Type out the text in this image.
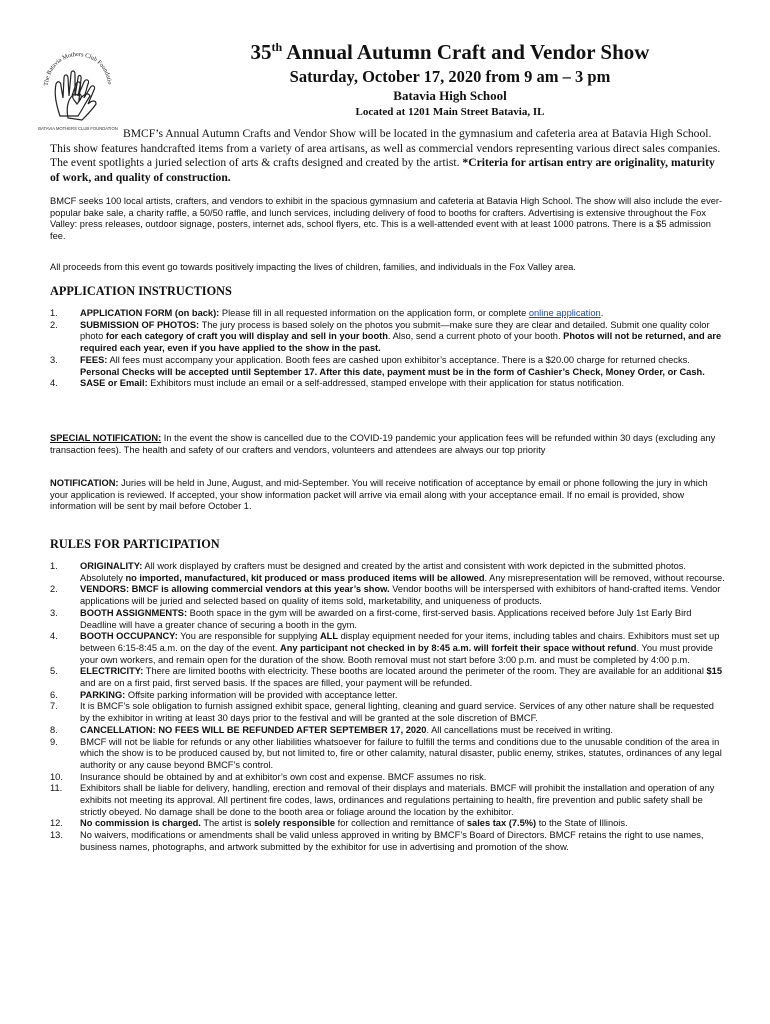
The Batavia Mothers Club Foundatio
BATAVIA MOTHERS CLUB FOUNDATION
35th Annual Autumn Craft and Vendor Show
Saturday, October 17, 2020 from 9 am – 3 pm
Batavia High School
Located at 1201 Main Street Batavia, IL
BMCF’s Annual Autumn Crafts and Vendor Show will be located in the gymnasium and cafeteria area at Batavia High School. This show features handcrafted items from a variety of area artisans, as well as commercial vendors representing various direct sales companies. The event spotlights a juried selection of arts & crafts designed and created by the artist. *Criteria for artisan entry are originality, maturity of work, and quality of construction.
BMCF seeks 100 local artists, crafters, and vendors to exhibit in the spacious gymnasium and cafeteria at Batavia High School. The show will also include the ever-popular bake sale, a charity raffle, a 50/50 raffle, and lunch services, including delivery of food to booths for crafters. Advertising is extensive throughout the Fox Valley: press releases, outdoor signage, posters, internet ads, school flyers, etc. This is a well-attended event with at least 1000 patrons. There is a $5 admission fee.
All proceeds from this event go towards positively impacting the lives of children, families, and individuals in the Fox Valley area.
APPLICATION INSTRUCTIONS
1. APPLICATION FORM (on back): Please fill in all requested information on the application form, or complete online application.
2. SUBMISSION OF PHOTOS: The jury process is based solely on the photos you submit—make sure they are clear and detailed. Submit one quality color photo for each category of craft you will display and sell in your booth. Also, send a current photo of your booth. Photos will not be returned, and are required each year, even if you have applied to the show in the past.
3. FEES: All fees must accompany your application. Booth fees are cashed upon exhibitor’s acceptance. There is a $20.00 charge for returned checks. Personal Checks will be accepted until September 17. After this date, payment must be in the form of Cashier’s Check, Money Order, or Cash.
4. SASE or Email: Exhibitors must include an email or a self-addressed, stamped envelope with their application for status notification.
SPECIAL NOTIFICATION: In the event the show is cancelled due to the COVID-19 pandemic your application fees will be refunded within 30 days (excluding any transaction fees). The health and safety of our crafters and vendors, volunteers and attendees are always our top priority
NOTIFICATION: Juries will be held in June, August, and mid-September. You will receive notification of acceptance by email or phone following the jury in which your application is reviewed. If accepted, your show information packet will arrive via email along with your acceptance email. If no email is provided, show information will be sent by mail before October 1.
RULES FOR PARTICIPATION
1. ORIGINALITY: All work displayed by crafters must be designed and created by the artist and consistent with work depicted in the submitted photos. Absolutely no imported, manufactured, kit produced or mass produced items will be allowed. Any misrepresentation will be removed, without recourse.
2. VENDORS: BMCF is allowing commercial vendors at this year’s show. Vendor booths will be interspersed with exhibitors of hand-crafted items. Vendor applications will be juried and selected based on quality of items sold, marketability, and uniqueness of products.
3. BOOTH ASSIGNMENTS: Booth space in the gym will be awarded on a first-come, first-served basis. Applications received before July 1st Early Bird Deadline will have a greater chance of securing a booth in the gym.
4. BOOTH OCCUPANCY: You are responsible for supplying ALL display equipment needed for your items, including tables and chairs. Exhibitors must set up between 6:15-8:45 a.m. on the day of the event. Any participant not checked in by 8:45 a.m. will forfeit their space without refund. You must provide your own workers, and remain open for the duration of the show. Booth removal must not start before 3:00 p.m. and must be completed by 4:00 p.m.
5. ELECTRICITY: There are limited booths with electricity. These booths are located around the perimeter of the room. They are available for an additional $15 and are on a first paid, first served basis. If the spaces are filled, your payment will be refunded.
6. PARKING: Offsite parking information will be provided with acceptance letter.
7. It is BMCF’s sole obligation to furnish assigned exhibit space, general lighting, cleaning and guard service. Services of any other nature shall be requested by the exhibitor in writing at least 30 days prior to the festival and will be granted at the sole discretion of BMCF.
8. CANCELLATION: NO FEES WILL BE REFUNDED AFTER SEPTEMBER 17, 2020. All cancellations must be received in writing.
9. BMCF will not be liable for refunds or any other liabilities whatsoever for failure to fulfill the terms and conditions due to the unusable condition of the area in which the show is to be produced caused by, but not limited to, fire or other calamity, natural disaster, public enemy, strikes, statutes, ordinances of any legal authority or any cause beyond BMCF’s control.
10. Insurance should be obtained by and at exhibitor’s own cost and expense. BMCF assumes no risk.
11. Exhibitors shall be liable for delivery, handling, erection and removal of their displays and materials. BMCF will prohibit the installation and operation of any exhibits not meeting its approval. All pertinent fire codes, laws, ordinances and regulations pertaining to health, fire prevention and public safety shall be strictly obeyed. No damage shall be done to the booth area or foliage around the location by the exhibitor.
12. No commission is charged. The artist is solely responsible for collection and remittance of sales tax (7.5%) to the State of Illinois.
13. No waivers, modifications or amendments shall be valid unless approved in writing by BMCF’s Board of Directors. BMCF retains the right to use names, business names, photographs, and artwork submitted by the exhibitor for use in advertising and promotion of the show.
